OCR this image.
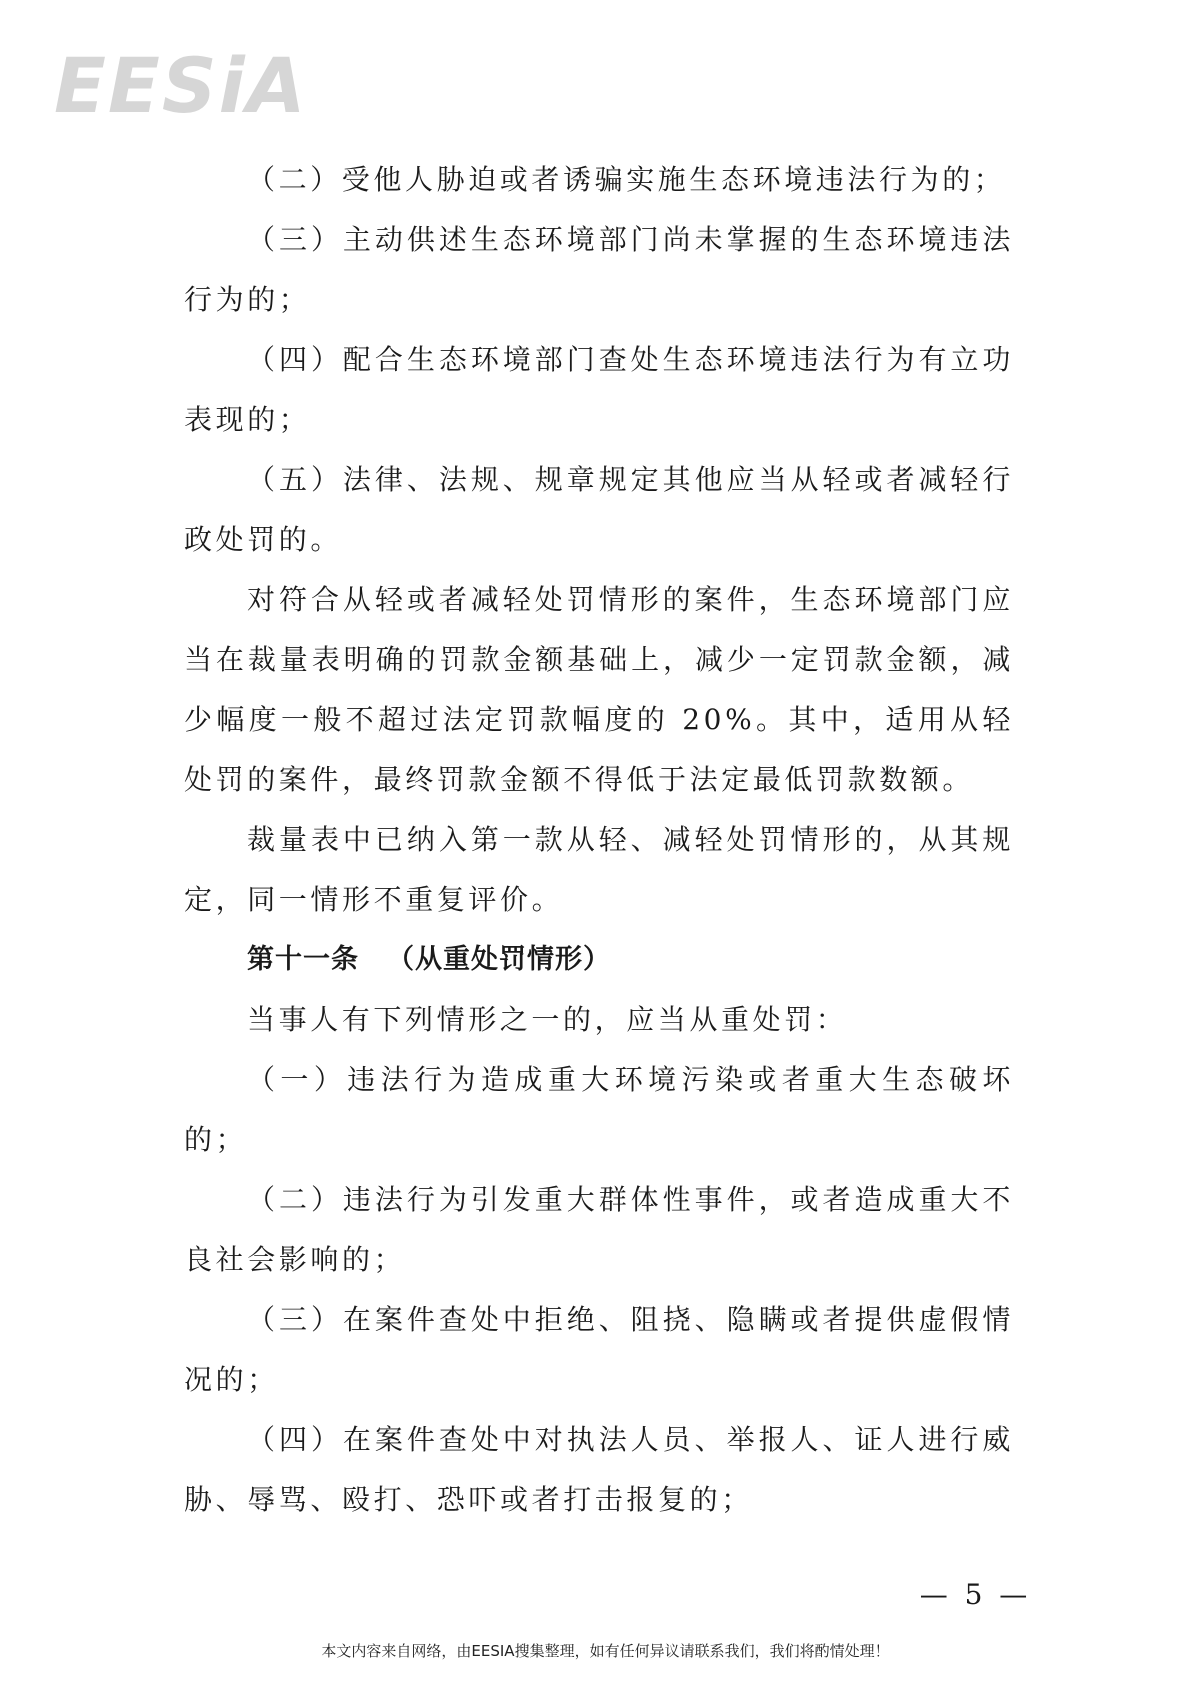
EESiA

（二）受他人胁迫或者诱骗实施生态环境违法行为的；

（三）主动供述生态环境部门尚未掌握的生态环境违法行为的；

（四）配合生态环境部门查处生态环境违法行为有立功表现的；

（五）法律、法规、规章规定其他应当从轻或者减轻行政处罚的。

对符合从轻或者减轻处罚情形的案件，生态环境部门应当在裁量表明确的罚款金额基础上，减少一定罚款金额，减少幅度一般不超过法定罚款幅度的 20%。其中，适用从轻处罚的案件，最终罚款金额不得低于法定最低罚款数额。

裁量表中已纳入第一款从轻、减轻处罚情形的，从其规定，同一情形不重复评价。

第十一条 （从重处罚情形）

当事人有下列情形之一的，应当从重处罚：

（一）违法行为造成重大环境污染或者重大生态破坏的；

（二）违法行为引发重大群体性事件，或者造成重大不良社会影响的；

（三）在案件查处中拒绝、阻挠、隐瞒或者提供虚假情况的；

（四）在案件查处中对执法人员、举报人、证人进行威胁、辱骂、殴打、恐吓或者打击报复的；

— 5 —
本文内容来自网络，由EESIA搜集整理，如有任何异议请联系我们，我们将酌情处理！
